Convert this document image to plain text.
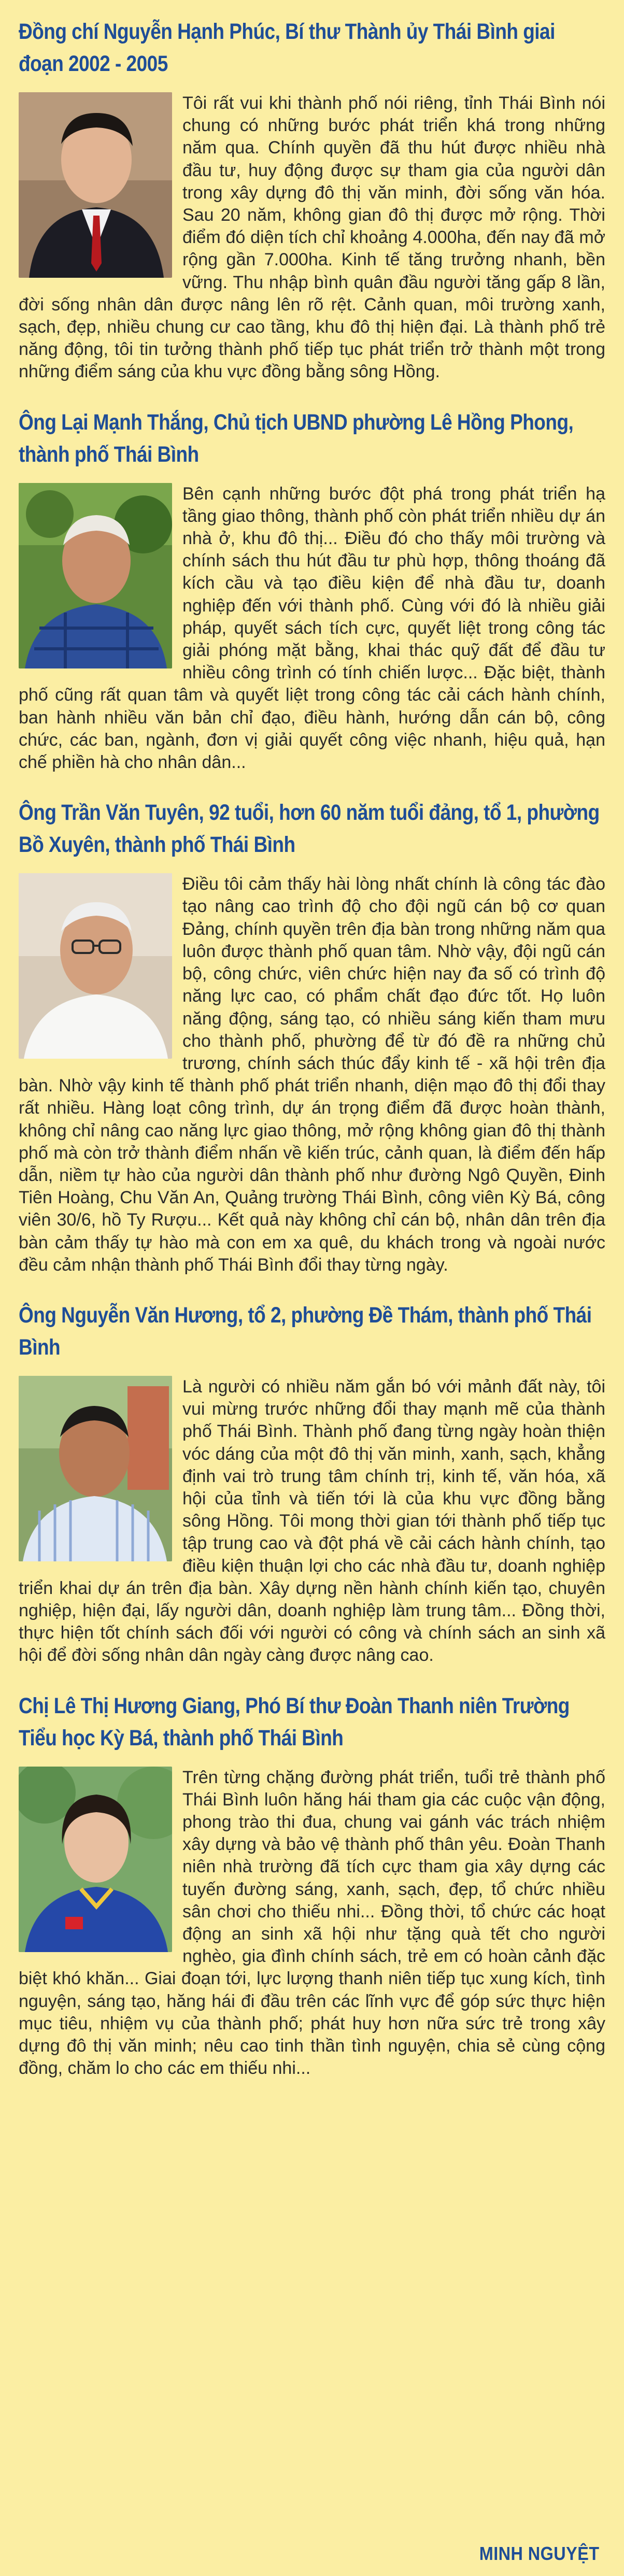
Đồng chí Nguyễn Hạnh Phúc, Bí thư Thành ủy Thái Bình giai đoạn 2002 - 2005

Tôi rất vui khi thành phố nói riêng, tỉnh Thái Bình nói chung có những bước phát triển khá trong những năm qua. Chính quyền đã thu hút được nhiều nhà đầu tư, huy động được sự tham gia của người dân trong xây dựng đô thị văn minh, đời sống văn hóa. Sau 20 năm, không gian đô thị được mở rộng. Thời điểm đó diện tích chỉ khoảng 4.000ha, đến nay đã mở rộng gần 7.000ha. Kinh tế tăng trưởng nhanh, bền vững. Thu nhập bình quân đầu người tăng gấp 8 lần, đời sống nhân dân được nâng lên rõ rệt. Cảnh quan, môi trường xanh, sạch, đẹp, nhiều chung cư cao tầng, khu đô thị hiện đại. Là thành phố trẻ năng động, tôi tin tưởng thành phố tiếp tục phát triển trở thành một trong những điểm sáng của khu vực đồng bằng sông Hồng.

Ông Lại Mạnh Thắng, Chủ tịch UBND phường Lê Hồng Phong, thành phố Thái Bình

Bên cạnh những bước đột phá trong phát triển hạ tầng giao thông, thành phố còn phát triển nhiều dự án nhà ở, khu đô thị... Điều đó cho thấy môi trường và chính sách thu hút đầu tư phù hợp, thông thoáng đã kích cầu và tạo điều kiện để nhà đầu tư, doanh nghiệp đến với thành phố. Cùng với đó là nhiều giải pháp, quyết sách tích cực, quyết liệt trong công tác giải phóng mặt bằng, khai thác quỹ đất để đầu tư nhiều công trình có tính chiến lược... Đặc biệt, thành phố cũng rất quan tâm và quyết liệt trong công tác cải cách hành chính, ban hành nhiều văn bản chỉ đạo, điều hành, hướng dẫn cán bộ, công chức, các ban, ngành, đơn vị giải quyết công việc nhanh, hiệu quả, hạn chế phiền hà cho nhân dân...

Ông Trần Văn Tuyên, 92 tuổi, hơn 60 năm tuổi đảng, tổ 1, phường Bồ Xuyên, thành phố Thái Bình

Điều tôi cảm thấy hài lòng nhất chính là công tác đào tạo nâng cao trình độ cho đội ngũ cán bộ cơ quan Đảng, chính quyền trên địa bàn trong những năm qua luôn được thành phố quan tâm. Nhờ vậy, đội ngũ cán bộ, công chức, viên chức hiện nay đa số có trình độ năng lực cao, có phẩm chất đạo đức tốt. Họ luôn năng động, sáng tạo, có nhiều sáng kiến tham mưu cho thành phố, phường để từ đó đề ra những chủ trương, chính sách thúc đẩy kinh tế - xã hội trên địa bàn. Nhờ vậy kinh tế thành phố phát triển nhanh, diện mạo đô thị đổi thay rất nhiều. Hàng loạt công trình, dự án trọng điểm đã được hoàn thành, không chỉ nâng cao năng lực giao thông, mở rộng không gian đô thị thành phố mà còn trở thành điểm nhấn về kiến trúc, cảnh quan, là điểm đến hấp dẫn, niềm tự hào của người dân thành phố như đường Ngô Quyền, Đinh Tiên Hoàng, Chu Văn An, Quảng trường Thái Bình, công viên Kỳ Bá, công viên 30/6, hồ Ty Rượu... Kết quả này không chỉ cán bộ, nhân dân trên địa bàn cảm thấy tự hào mà con em xa quê, du khách trong và ngoài nước đều cảm nhận thành phố Thái Bình đổi thay từng ngày.

Ông Nguyễn Văn Hương, tổ 2, phường Đề Thám, thành phố Thái Bình

Là người có nhiều năm gắn bó với mảnh đất này, tôi vui mừng trước những đổi thay mạnh mẽ của thành phố Thái Bình. Thành phố đang từng ngày hoàn thiện vóc dáng của một đô thị văn minh, xanh, sạch, khẳng định vai trò trung tâm chính trị, kinh tế, văn hóa, xã hội của tỉnh và tiến tới là của khu vực đồng bằng sông Hồng. Tôi mong thời gian tới thành phố tiếp tục tập trung cao và đột phá về cải cách hành chính, tạo điều kiện thuận lợi cho các nhà đầu tư, doanh nghiệp triển khai dự án trên địa bàn. Xây dựng nền hành chính kiến tạo, chuyên nghiệp, hiện đại, lấy người dân, doanh nghiệp làm trung tâm... Đồng thời, thực hiện tốt chính sách đối với người có công và chính sách an sinh xã hội để đời sống nhân dân ngày càng được nâng cao.

Chị Lê Thị Hương Giang, Phó Bí thư Đoàn Thanh niên Trường Tiểu học Kỳ Bá, thành phố Thái Bình

Trên từng chặng đường phát triển, tuổi trẻ thành phố Thái Bình luôn hăng hái tham gia các cuộc vận động, phong trào thi đua, chung vai gánh vác trách nhiệm xây dựng và bảo vệ thành phố thân yêu. Đoàn Thanh niên nhà trường đã tích cực tham gia xây dựng các tuyến đường sáng, xanh, sạch, đẹp, tổ chức nhiều sân chơi cho thiếu nhi... Đồng thời, tổ chức các hoạt động an sinh xã hội như tặng quà tết cho người nghèo, gia đình chính sách, trẻ em có hoàn cảnh đặc biệt khó khăn... Giai đoạn tới, lực lượng thanh niên tiếp tục xung kích, tình nguyện, sáng tạo, hăng hái đi đầu trên các lĩnh vực để góp sức thực hiện mục tiêu, nhiệm vụ của thành phố; phát huy hơn nữa sức trẻ trong xây dựng đô thị văn minh; nêu cao tinh thần tình nguyện, chia sẻ cùng cộng đồng, chăm lo cho các em thiếu nhi...

MINH NGUYỆT
